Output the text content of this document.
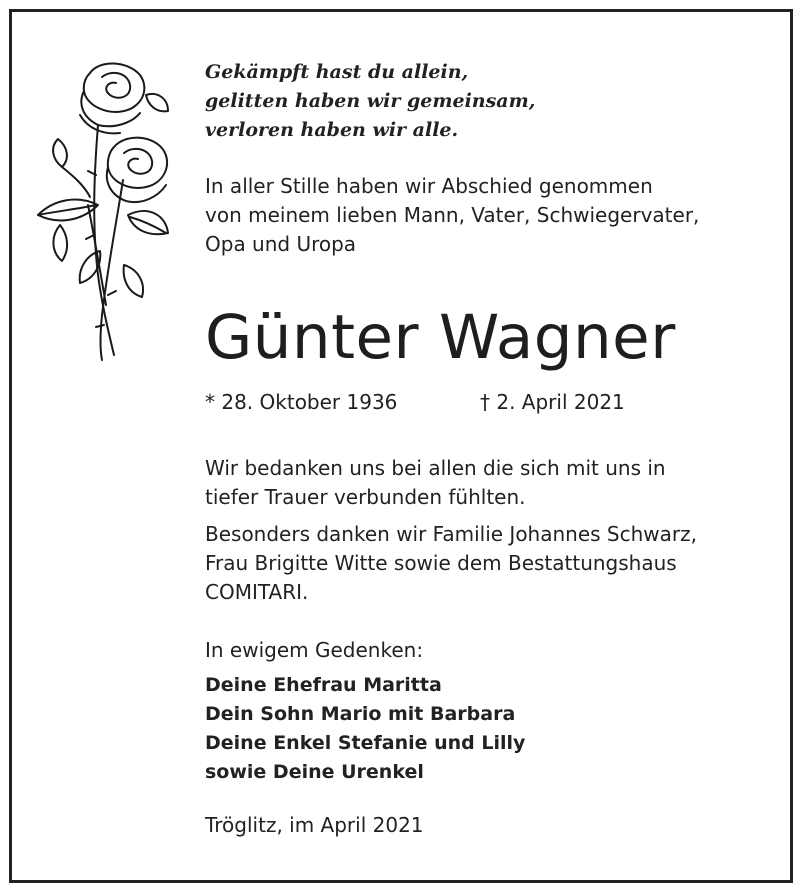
Gekämpft hast du allein,
gelitten haben wir gemeinsam,
verloren haben wir alle.
In aller Stille haben wir Abschied genommen
von meinem lieben Mann, Vater, Schwiegervater,
Opa und Uropa
Günter Wagner
* 28. Oktober 1936	† 2. April 2021
Wir bedanken uns bei allen die sich mit uns in
tiefer Trauer verbunden fühlten.
Besonders danken wir Familie Johannes Schwarz,
Frau Brigitte Witte sowie dem Bestattungshaus
COMITARI.
In ewigem Gedenken:
Deine Ehefrau Maritta
Dein Sohn Mario mit Barbara
Deine Enkel Stefanie und Lilly
sowie Deine Urenkel
Tröglitz, im April 2021
